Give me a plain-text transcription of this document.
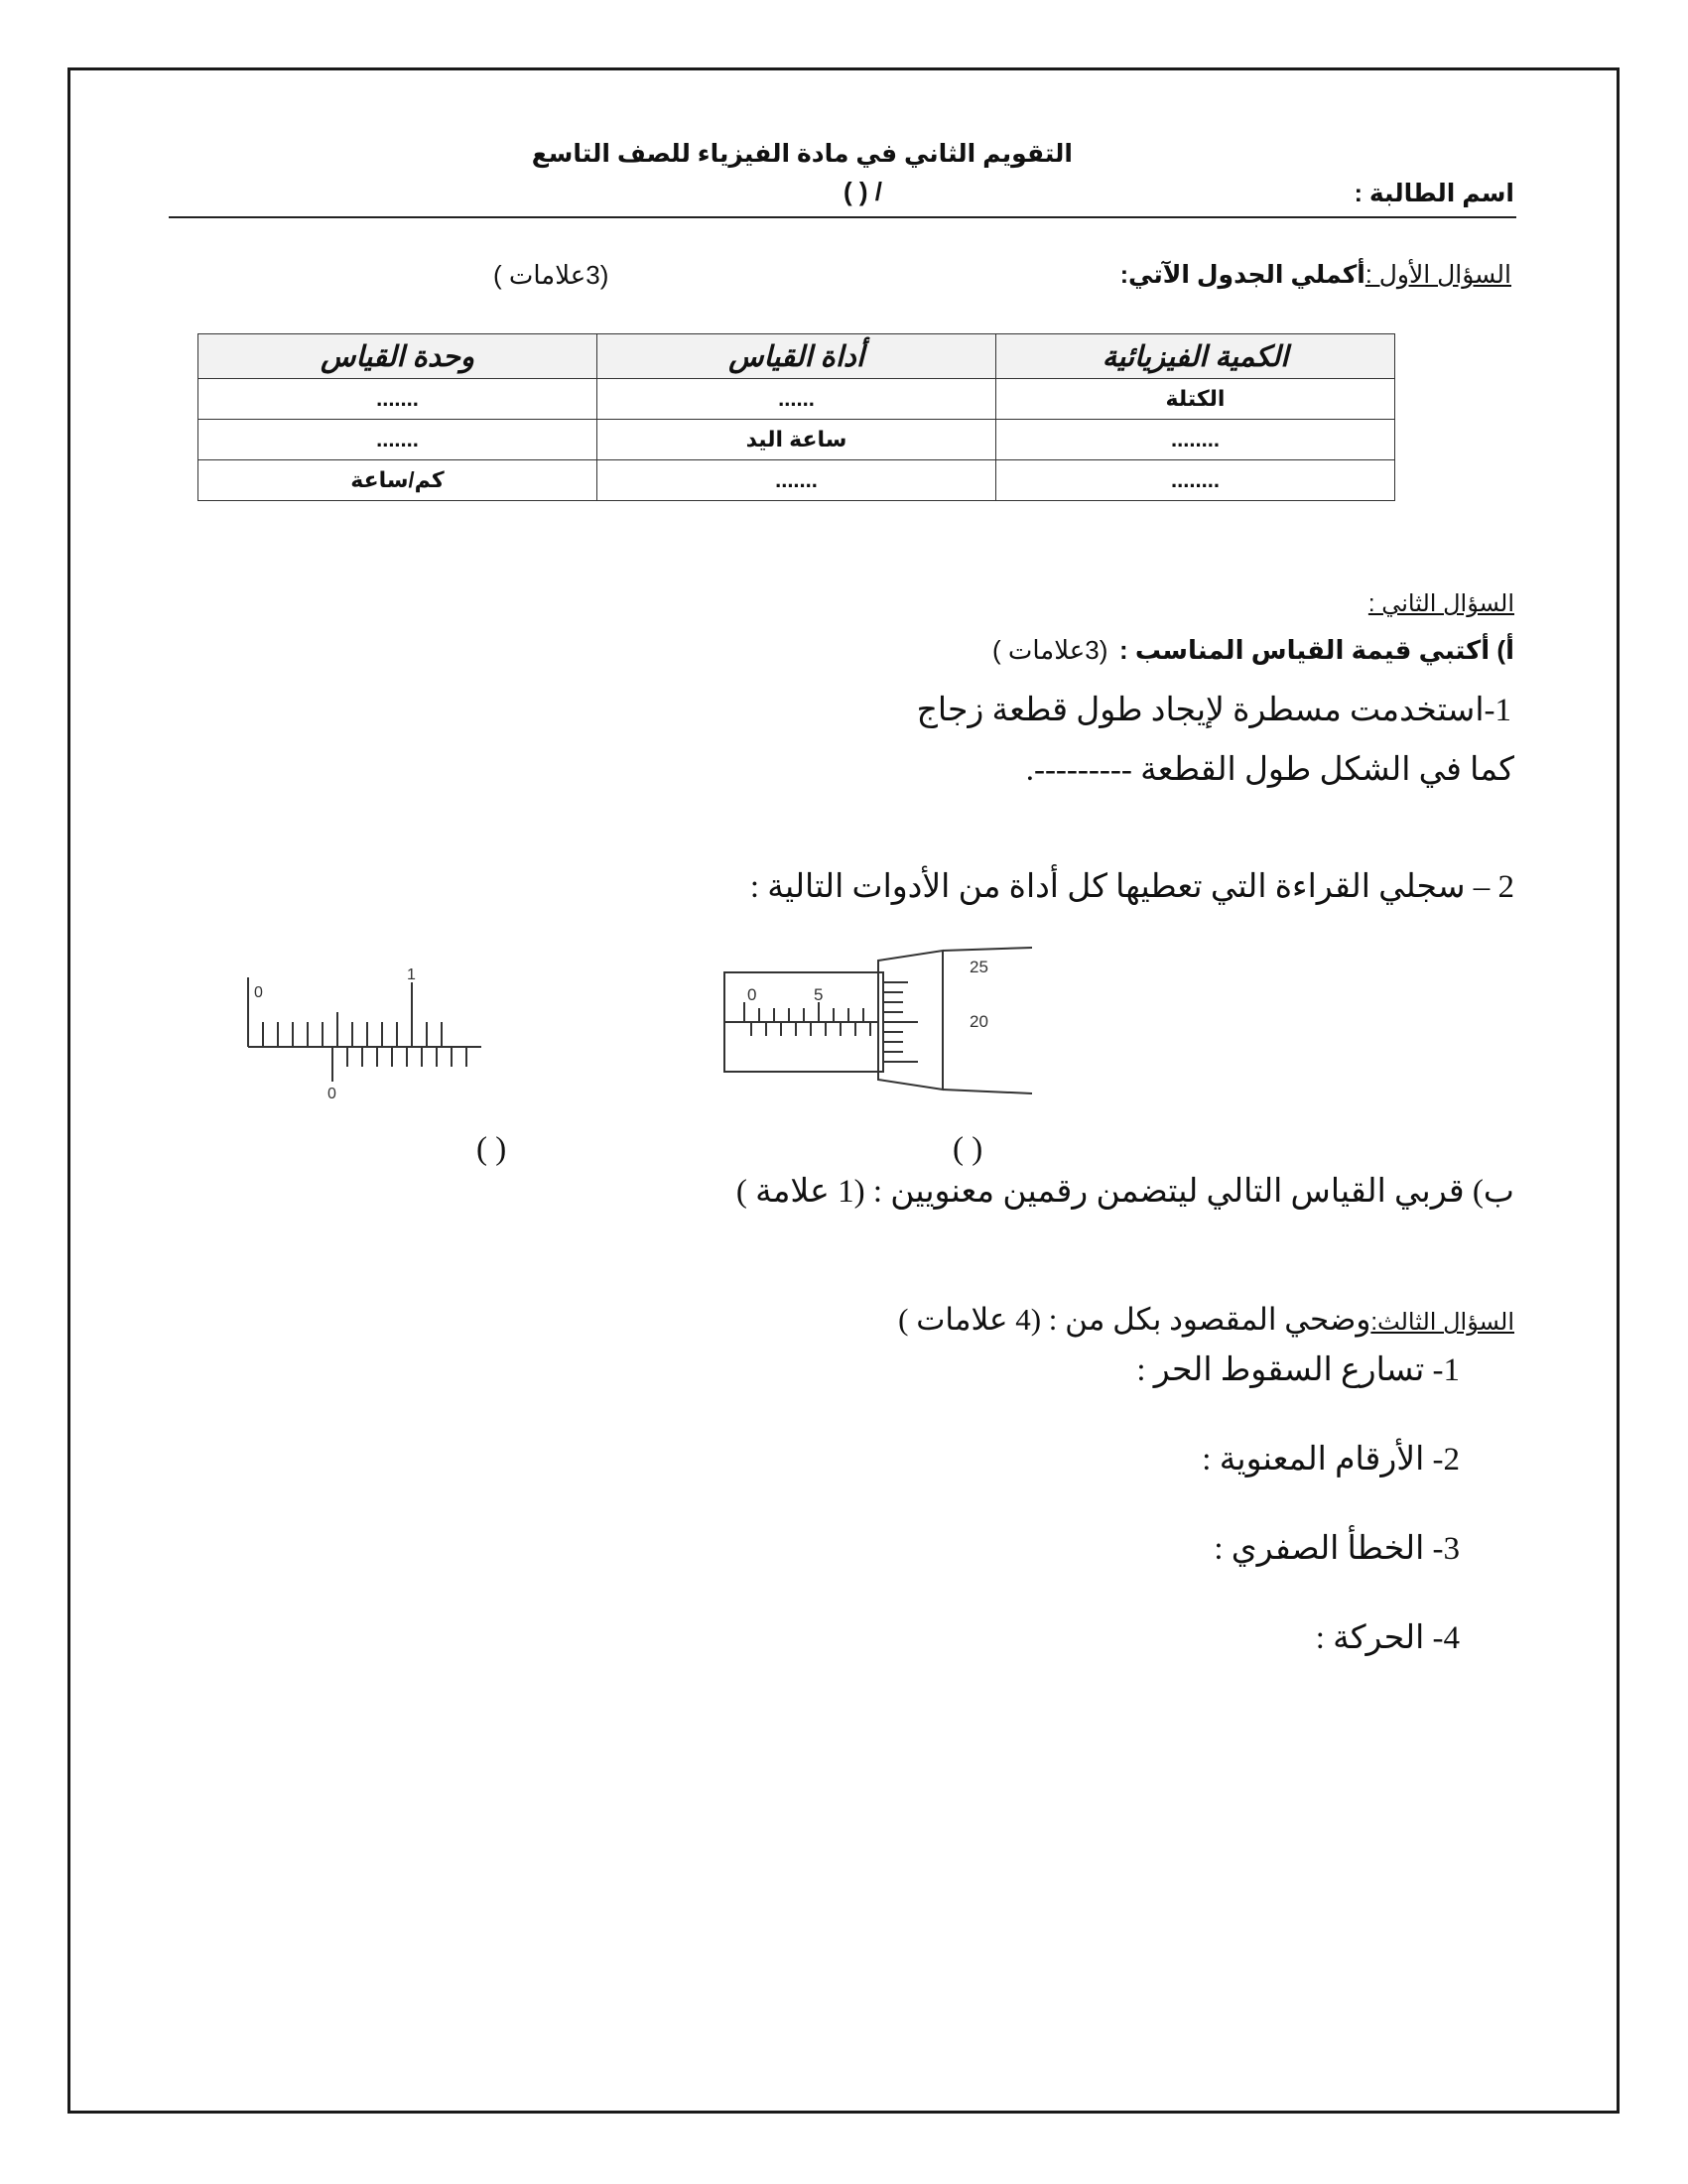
التقويم الثاني في مادة الفيزياء للصف التاسع
اسم الطالبة :
( ) /
السؤال الأول :أكملي الجدول الآتي:
(3علامات )
الكمية الفيزيائية	أداة القياس	وحدة القياس
الكتلة	......	.......
........	ساعة اليد	.......
........	.......	كم/ساعة
السؤال الثاني :
أ) أكتبي قيمة القياس المناسب :
(3علامات )
1-استخدمت مسطرة لإيجاد طول قطعة زجاج
كما في الشكل طول القطعة ---------.
2 – سجلي القراءة التي تعطيها كل أداة من الأدوات التالية :
0
1
0
0	5
25
20
( )	( )
ب) قربي القياس التالي ليتضمن رقمين معنويين : (1 علامة )
السؤال الثالث:وضحي المقصود بكل من : (4 علامات )
1- تسارع السقوط الحر :
2- الأرقام المعنوية :
3- الخطأ الصفري :
4- الحركة :
